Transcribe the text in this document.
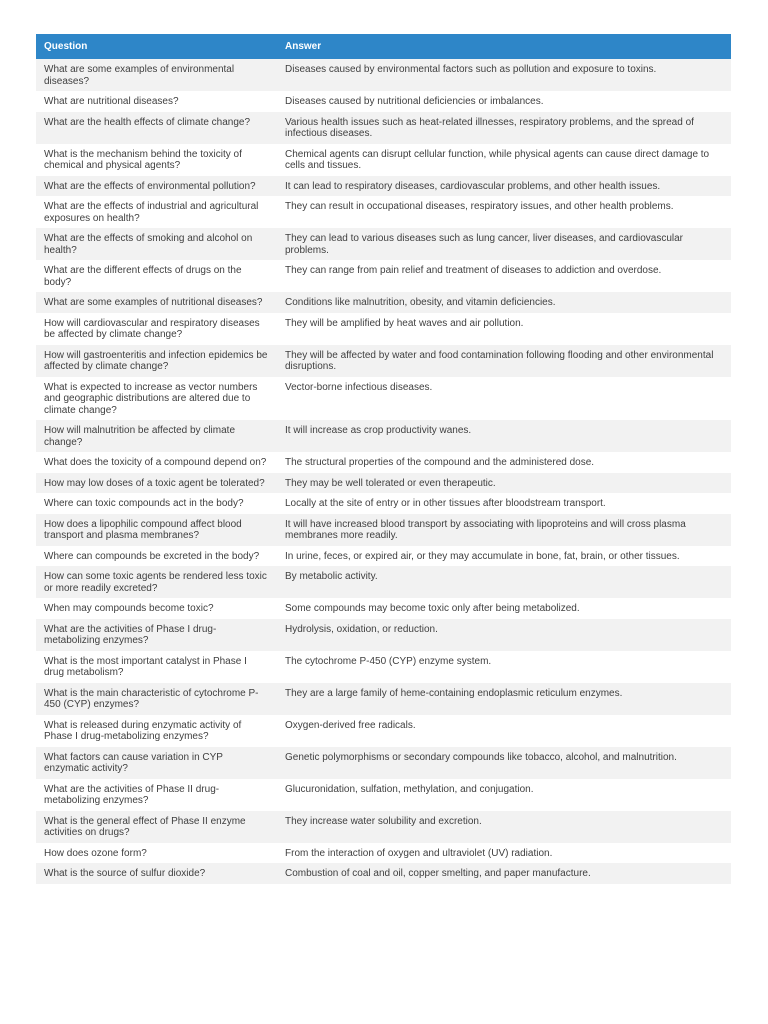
Question	Answer
What are some examples of environmental diseases?	Diseases caused by environmental factors such as pollution and exposure to toxins.
What are nutritional diseases?	Diseases caused by nutritional deficiencies or imbalances.
What are the health effects of climate change?	Various health issues such as heat-related illnesses, respiratory problems, and the spread of infectious diseases.
What is the mechanism behind the toxicity of chemical and physical agents?	Chemical agents can disrupt cellular function, while physical agents can cause direct damage to cells and tissues.
What are the effects of environmental pollution?	It can lead to respiratory diseases, cardiovascular problems, and other health issues.
What are the effects of industrial and agricultural exposures on health?	They can result in occupational diseases, respiratory issues, and other health problems.
What are the effects of smoking and alcohol on health?	They can lead to various diseases such as lung cancer, liver diseases, and cardiovascular problems.
What are the different effects of drugs on the body?	They can range from pain relief and treatment of diseases to addiction and overdose.
What are some examples of nutritional diseases?	Conditions like malnutrition, obesity, and vitamin deficiencies.
How will cardiovascular and respiratory diseases be affected by climate change?	They will be amplified by heat waves and air pollution.
How will gastroenteritis and infection epidemics be affected by climate change?	They will be affected by water and food contamination following flooding and other environmental disruptions.
What is expected to increase as vector numbers and geographic distributions are altered due to climate change?	Vector-borne infectious diseases.
How will malnutrition be affected by climate change?	It will increase as crop productivity wanes.
What does the toxicity of a compound depend on?	The structural properties of the compound and the administered dose.
How may low doses of a toxic agent be tolerated?	They may be well tolerated or even therapeutic.
Where can toxic compounds act in the body?	Locally at the site of entry or in other tissues after bloodstream transport.
How does a lipophilic compound affect blood transport and plasma membranes?	It will have increased blood transport by associating with lipoproteins and will cross plasma membranes more readily.
Where can compounds be excreted in the body?	In urine, feces, or expired air, or they may accumulate in bone, fat, brain, or other tissues.
How can some toxic agents be rendered less toxic or more readily excreted?	By metabolic activity.
When may compounds become toxic?	Some compounds may become toxic only after being metabolized.
What are the activities of Phase I drug-metabolizing enzymes?	Hydrolysis, oxidation, or reduction.
What is the most important catalyst in Phase I drug metabolism?	The cytochrome P-450 (CYP) enzyme system.
What is the main characteristic of cytochrome P-450 (CYP) enzymes?	They are a large family of heme-containing endoplasmic reticulum enzymes.
What is released during enzymatic activity of Phase I drug-metabolizing enzymes?	Oxygen-derived free radicals.
What factors can cause variation in CYP enzymatic activity?	Genetic polymorphisms or secondary compounds like tobacco, alcohol, and malnutrition.
What are the activities of Phase II drug-metabolizing enzymes?	Glucuronidation, sulfation, methylation, and conjugation.
What is the general effect of Phase II enzyme activities on drugs?	They increase water solubility and excretion.
How does ozone form?	From the interaction of oxygen and ultraviolet (UV) radiation.
What is the source of sulfur dioxide?	Combustion of coal and oil, copper smelting, and paper manufacture.
